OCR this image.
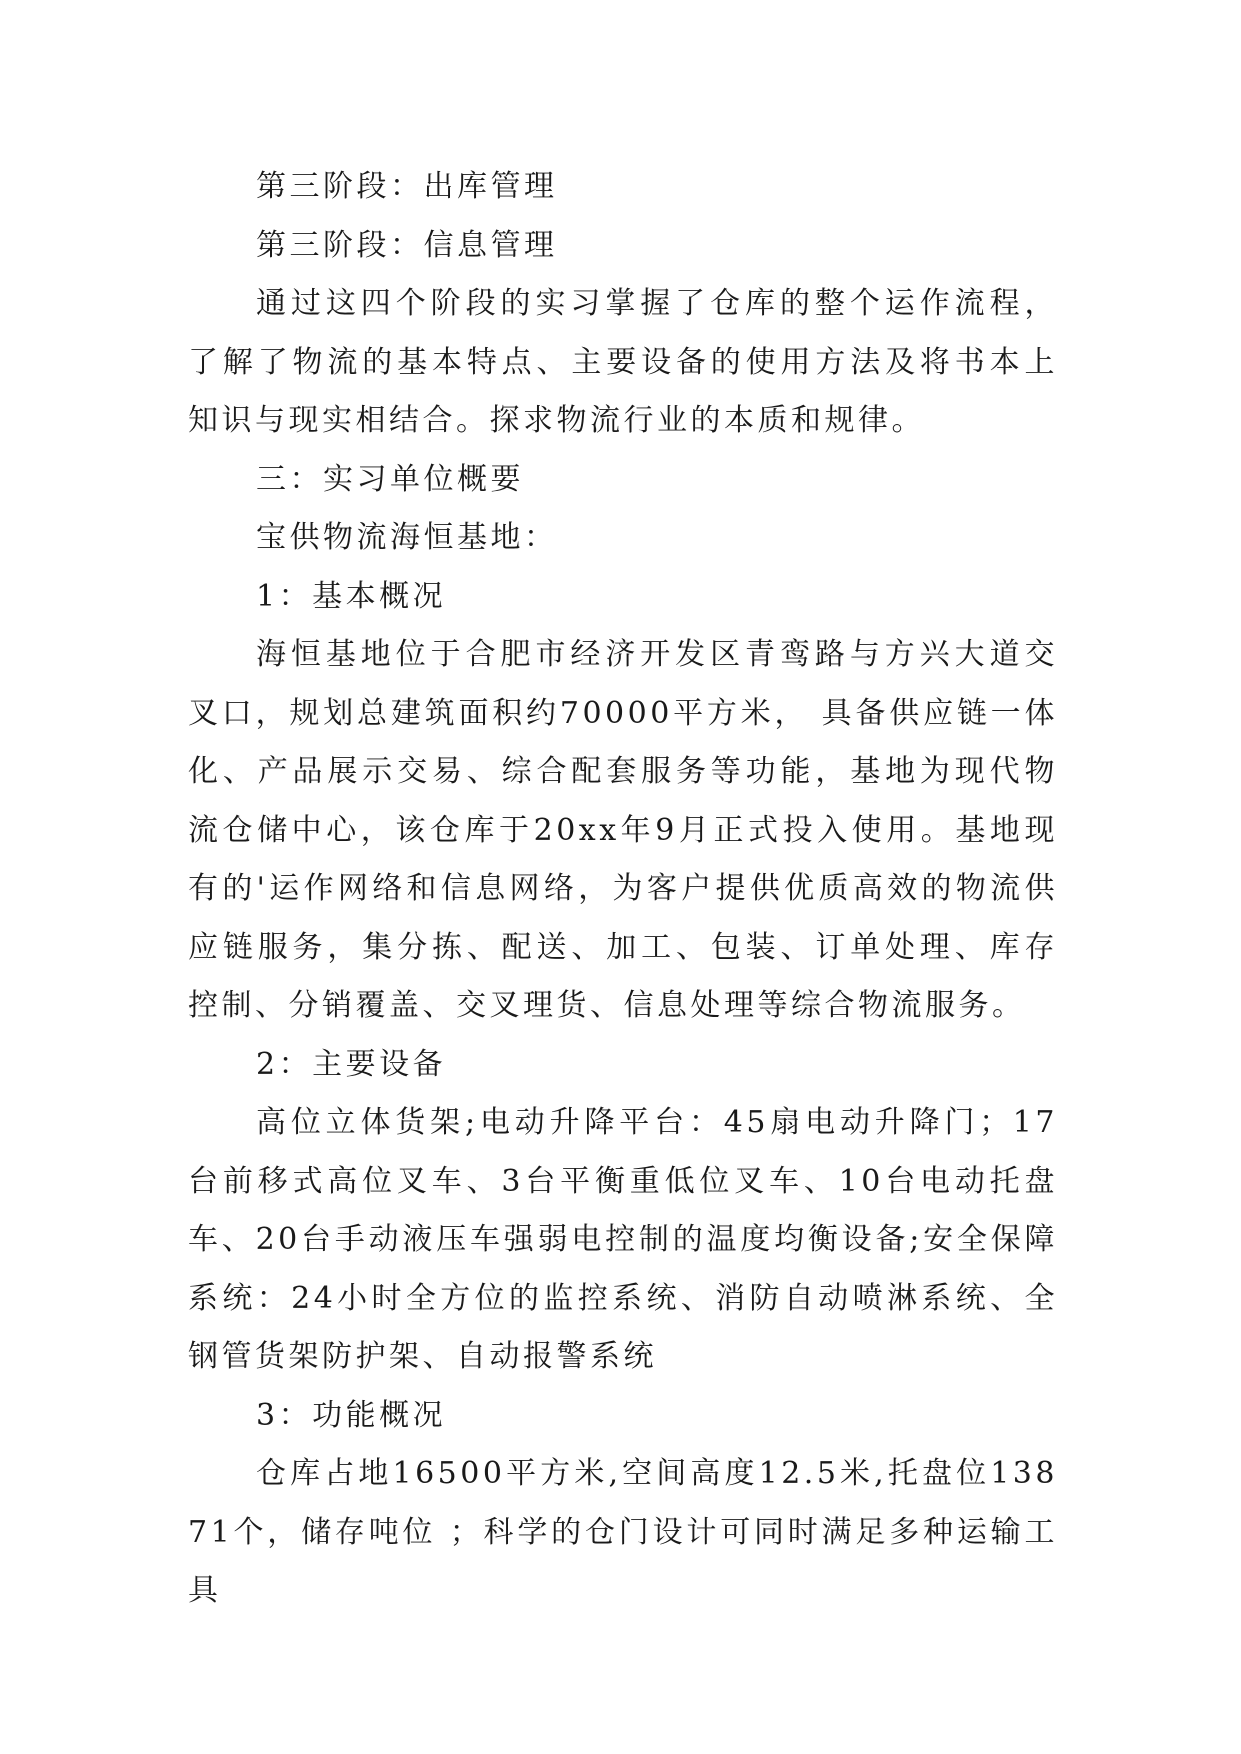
第三阶段：出库管理

第三阶段：信息管理

通过这四个阶段的实习掌握了仓库的整个运作流程，了解了物流的基本特点、主要设备的使用方法及将书本上知识与现实相结合。探求物流行业的本质和规律。

三：实习单位概要

宝供物流海恒基地：

1：基本概况

海恒基地位于合肥市经济开发区青鸾路与方兴大道交叉口，规划总建筑面积约70000平方米， 具备供应链一体化、产品展示交易、综合配套服务等功能，基地为现代物流仓储中心，该仓库于20xx年9月正式投入使用。基地现有的'运作网络和信息网络，为客户提供优质高效的物流供应链服务，集分拣、配送、加工、包装、订单处理、库存控制、分销覆盖、交叉理货、信息处理等综合物流服务。

2：主要设备

高位立体货架;电动升降平台：45扇电动升降门；17台前移式高位叉车、3台平衡重低位叉车、10台电动托盘车、20台手动液压车强弱电控制的温度均衡设备;安全保障系统：24小时全方位的监控系统、消防自动喷淋系统、全钢管货架防护架、自动报警系统

3：功能概况

仓库占地16500平方米,空间高度12.5米,托盘位13871个，储存吨位 ；科学的仓门设计可同时满足多种运输工具
